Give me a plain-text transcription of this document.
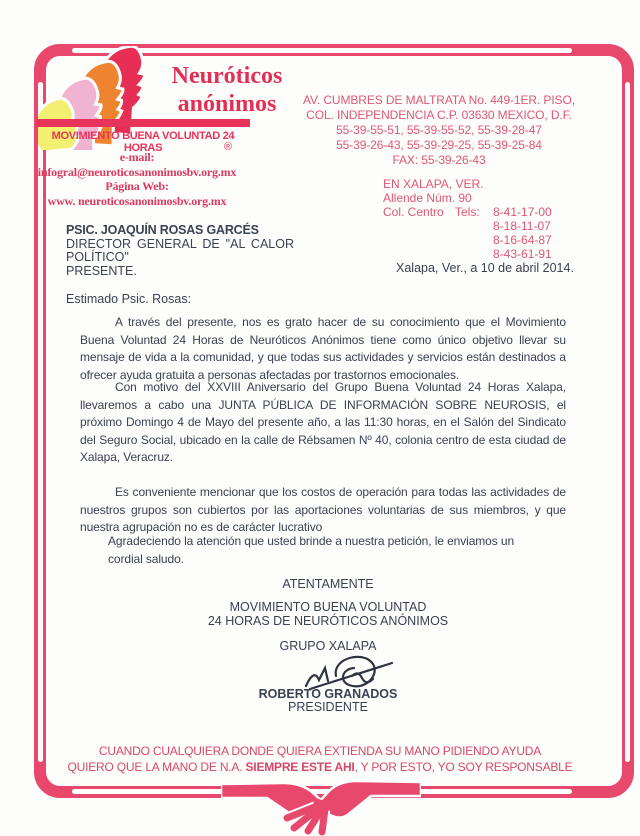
Neuróticos
anónimos
MOVIMIENTO BUENA VOLUNTAD 24 HORAS	®
e-mail:
infogral@neuroticosanonimosbv.org.mx
Página Web:
www. neuroticosanonimosbv.org.mx
AV. CUMBRES DE MALTRATA No. 449-1ER. PISO,
COL. INDEPENDENCIA C.P. 03630 MEXICO, D.F.
55-39-55-51, 55-39-55-52, 55-39-28-47
55-39-26-43, 55-39-29-25, 55-39-25-84
FAX: 55-39-26-43
EN XALAPA, VER.
Allende Núm. 90
Col. Centro Tels:	8-41-17-00
8-18-11-07
8-16-64-87
8-43-61-91
PSIC. JOAQUÍN ROSAS GARCÉS
DIRECTOR GENERAL DE "AL CALOR
POLÍTICO"
PRESENTE.	Xalapa, Ver., a 10 de abril 2014.
Estimado Psic. Rosas:
A través del presente, nos es grato hacer de su conocimiento que el Movimiento Buena Voluntad 24 Horas de Neuróticos Anónimos tiene como único objetivo llevar su mensaje de vida a la comunidad, y que todas sus actividades y servicios están destinados a ofrecer ayuda gratuita a personas afectadas por trastornos emocionales.
Con motivo del XXVIII Aniversario del Grupo Buena Voluntad 24 Horas Xalapa, llevaremos a cabo una JUNTA PÚBLICA DE INFORMACIÓN SOBRE NEUROSIS, el próximo Domingo 4 de Mayo del presente año, a las 11:30 horas, en el Salón del Sindicato del Seguro Social, ubicado en la calle de Rébsamen Nº 40, colonia centro de esta ciudad de Xalapa, Veracruz.
Es conveniente mencionar que los costos de operación para todas las actividades de nuestros grupos son cubiertos por las aportaciones voluntarias de sus miembros, y que nuestra agrupación no es de carácter lucrativo
Agradeciendo la atención que usted brinde a nuestra petición, le enviamos un cordial saludo.
ATENTAMENTE
MOVIMIENTO BUENA VOLUNTAD
24 HORAS DE NEURÓTICOS ANÓNIMOS
GRUPO XALAPA
ROBERTO GRANADOS
PRESIDENTE
CUANDO CUALQUIERA DONDE QUIERA EXTIENDA SU MANO PIDIENDO AYUDA
QUIERO QUE LA MANO DE N.A. SIEMPRE ESTE AHI, Y POR ESTO, YO SOY RESPONSABLE
